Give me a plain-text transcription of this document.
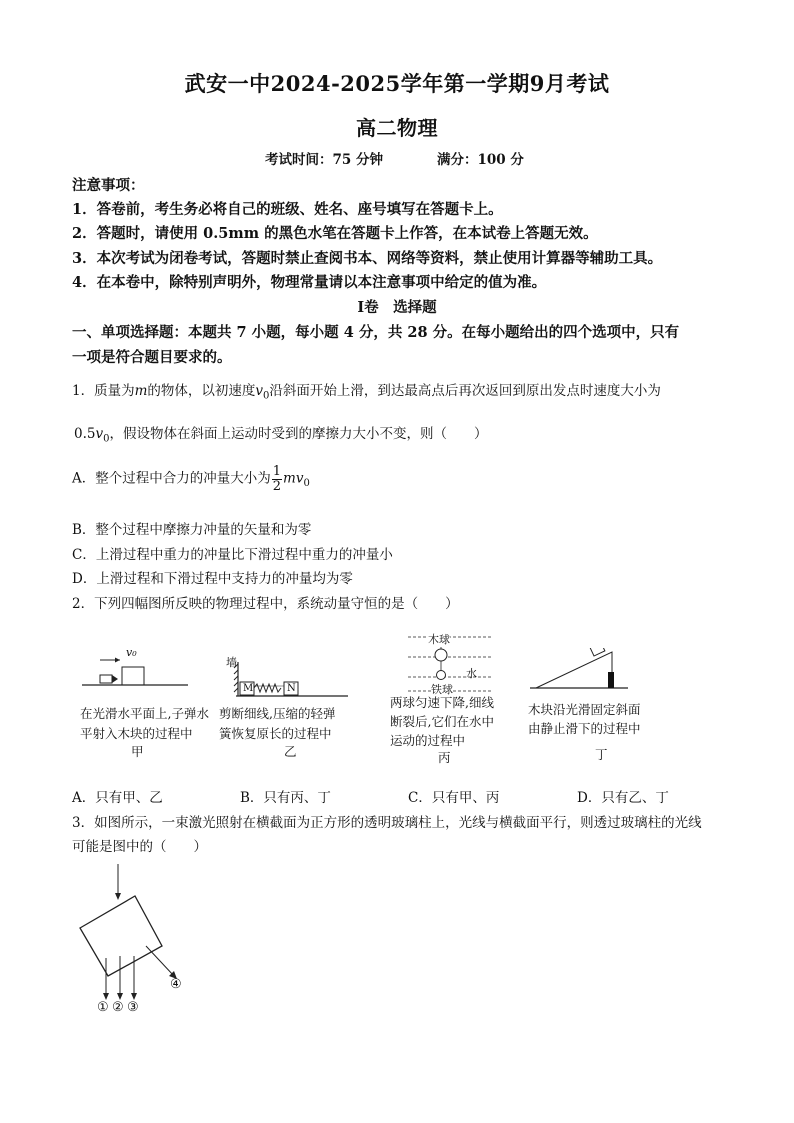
武安一中2024-2025学年第一学期9月考试
高二物理
考试时间：75 分钟	满分：100 分
注意事项：
1．答卷前，考生务必将自己的班级、姓名、座号填写在答题卡上。
2．答题时，请使用 0.5mm 的黑色水笔在答题卡上作答，在本试卷上答题无效。
3．本次考试为闭卷考试，答题时禁止查阅书本、网络等资料，禁止使用计算器等辅助工具。
4．在本卷中，除特别声明外，物理常量请以本注意事项中给定的值为准。
Ⅰ卷　选择题
一、单项选择题：本题共 7 小题，每小题 4 分，共 28 分。在每小题给出的四个选项中，只有
一项是符合题目要求的。
1．质量为m的物体，以初速度$v_0$沿斜面开始上滑，到达最高点后再次返回到原出发点时速度大小为
$0.5v_0$，假设物体在斜面上运动时受到的摩擦力大小不变，则（　　）
A．整个过程中合力的冲量大小为 $\frac{1}{2} mv_0$
B．整个过程中摩擦力冲量的矢量和为零
C．上滑过程中重力的冲量比下滑过程中重力的冲量小
D．上滑过程和下滑过程中支持力的冲量均为零
2．下列四幅图所反映的物理过程中，系统动量守恒的是（　　）
v₀
在光滑水平面上,子弹水
平射入木块的过程中
甲
墙
M	N
剪断细线,压缩的轻弹
簧恢复原长的过程中
乙
木球
水
铁球
两球匀速下降,细线
断裂后,它们在水中
运动的过程中
丙
木块沿光滑固定斜面
由静止滑下的过程中
丁
A．只有甲、乙	B．只有丙、丁	C．只有甲、丙	D．只有乙、丁
3．如图所示，一束激光照射在横截面为正方形的透明玻璃柱上，光线与横截面平行，则透过玻璃柱的光线
可能是图中的（　　）
① ② ③
④
